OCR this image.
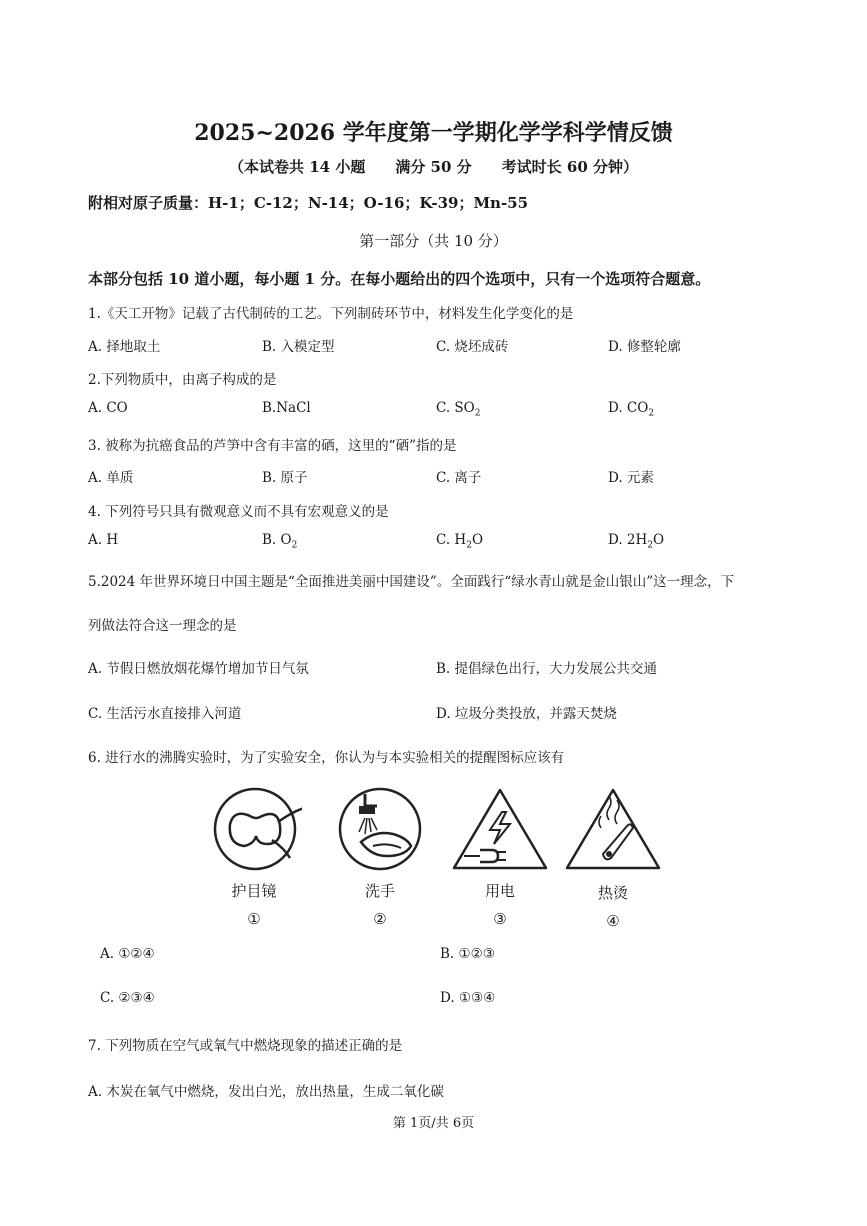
2025~2026 学年度第一学期化学学科学情反馈
（本试卷共 14 小题　　满分 50 分　　考试时长 60 分钟）
附相对原子质量：H-1；C-12；N-14；O-16；K-39；Mn-55
第一部分（共 10 分）
本部分包括 10 道小题，每小题 1 分。在每小题给出的四个选项中，只有一个选项符合题意。
1.《天工开物》记载了古代制砖的工艺。下列制砖环节中，材料发生化学变化的是
A. 择地取土	B. 入模定型	C. 烧坯成砖	D. 修整轮廓
2.下列物质中，由离子构成的是
A. CO	B.NaCl	C. $SO_2$	D. $CO_2$
3. 被称为抗癌食品的芦笋中含有丰富的硒，这里的“硒”指的是
A. 单质	B. 原子	C. 离子	D. 元素
4. 下列符号只具有微观意义而不具有宏观意义的是
A. H	B. $O_2$	C. $H_2O$	D. $2H_2O$
5.2024 年世界环境日中国主题是“全面推进美丽中国建设”。全面践行“绿水青山就是金山银山”这一理念，下
列做法符合这一理念的是
A. 节假日燃放烟花爆竹增加节日气氛	B. 提倡绿色出行，大力发展公共交通
C. 生活污水直接排入河道	D. 垃圾分类投放，并露天焚烧
6. 进行水的沸腾实验时，为了实验安全，你认为与本实验相关的提醒图标应该有
护目镜
①
洗手
②
用电
③
热烫
④
A. ①②④	B. ①②③
C. ②③④	D. ①③④
7. 下列物质在空气或氧气中燃烧现象的描述正确的是
A. 木炭在氧气中燃烧，发出白光，放出热量，生成二氧化碳
第 1页/共 6页
